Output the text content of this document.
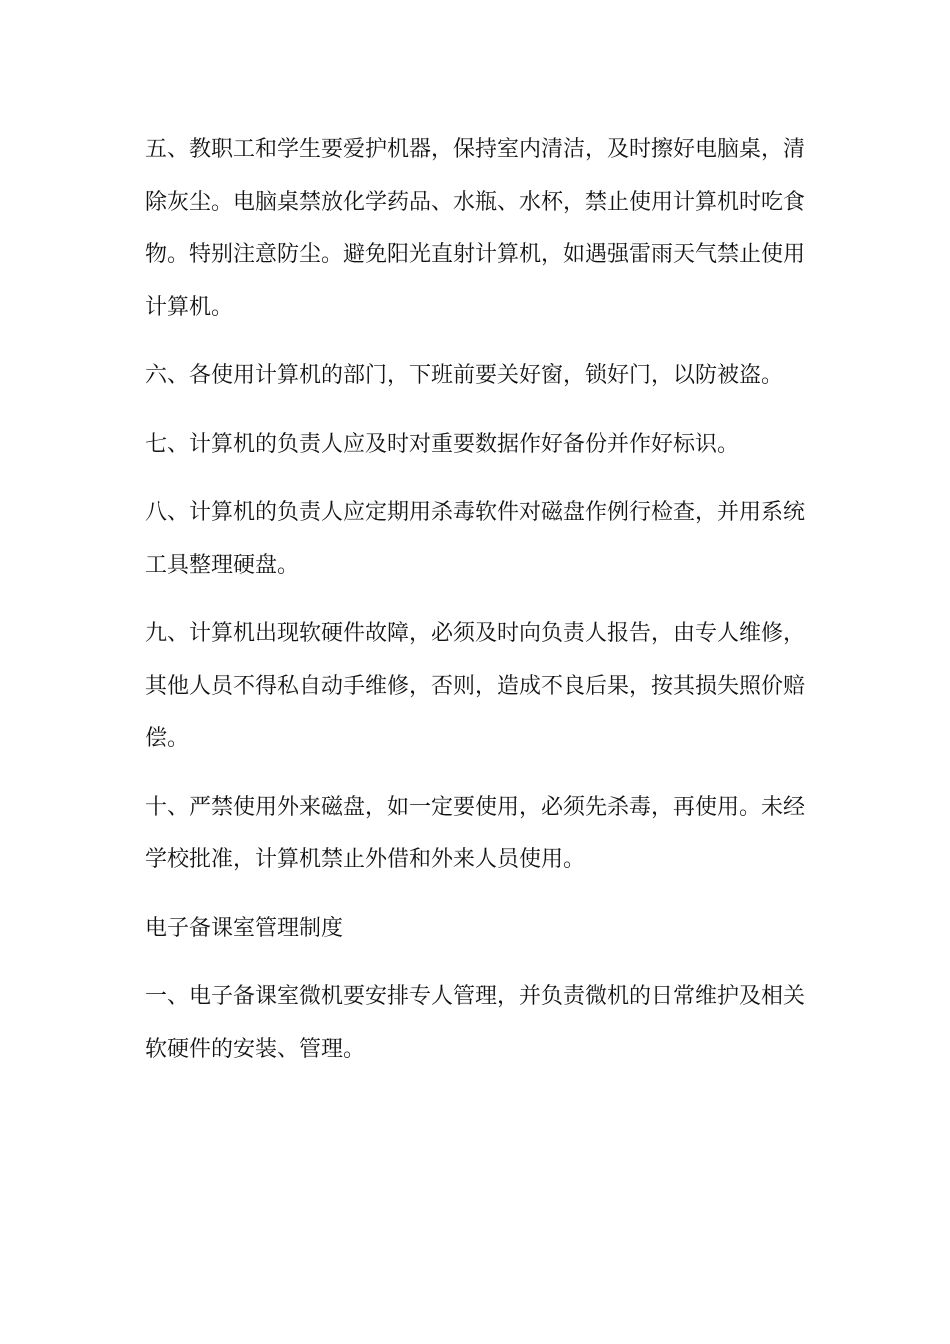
五、教职工和学生要爱护机器，保持室内清洁，及时擦好电脑桌，清除灰尘。电脑桌禁放化学药品、水瓶、水杯，禁止使用计算机时吃食物。特别注意防尘。避免阳光直射计算机，如遇强雷雨天气禁止使用计算机。

六、各使用计算机的部门，下班前要关好窗，锁好门，以防被盗。

七、计算机的负责人应及时对重要数据作好备份并作好标识。

八、计算机的负责人应定期用杀毒软件对磁盘作例行检查，并用系统工具整理硬盘。

九、计算机出现软硬件故障，必须及时向负责人报告，由专人维修，其他人员不得私自动手维修，否则，造成不良后果，按其损失照价赔偿。

十、严禁使用外来磁盘，如一定要使用，必须先杀毒，再使用。未经学校批准，计算机禁止外借和外来人员使用。

电子备课室管理制度

一、电子备课室微机要安排专人管理，并负责微机的日常维护及相关软硬件的安装、管理。
